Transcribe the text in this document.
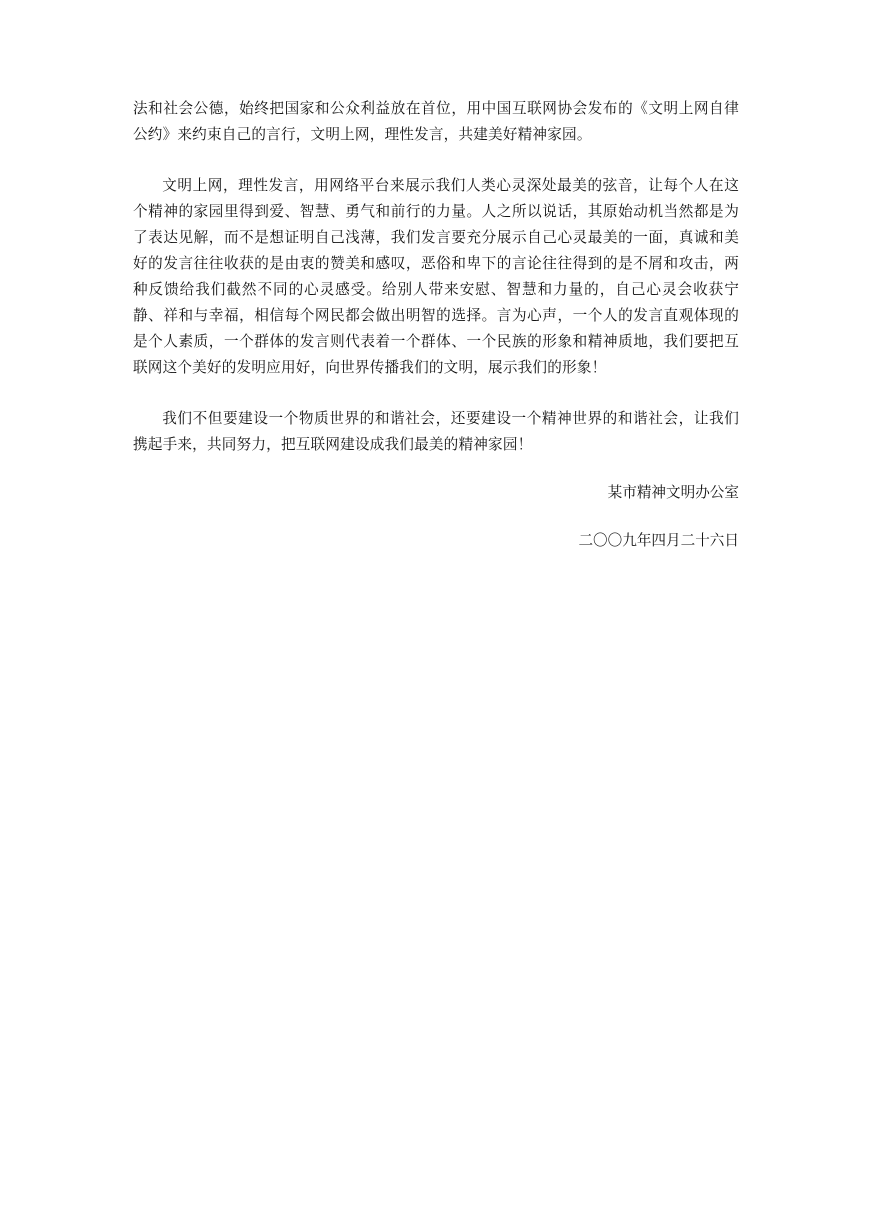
法和社会公德，始终把国家和公众利益放在首位，用中国互联网协会发布的《文明上网自律公约》来约束自己的言行，文明上网，理性发言，共建美好精神家园。

文明上网，理性发言，用网络平台来展示我们人类心灵深处最美的弦音，让每个人在这个精神的家园里得到爱、智慧、勇气和前行的力量。人之所以说话，其原始动机当然都是为了表达见解，而不是想证明自己浅薄，我们发言要充分展示自己心灵最美的一面，真诚和美好的发言往往收获的是由衷的赞美和感叹，恶俗和卑下的言论往往得到的是不屑和攻击，两种反馈给我们截然不同的心灵感受。给别人带来安慰、智慧和力量的，自己心灵会收获宁静、祥和与幸福，相信每个网民都会做出明智的选择。言为心声，一个人的发言直观体现的是个人素质，一个群体的发言则代表着一个群体、一个民族的形象和精神质地，我们要把互联网这个美好的发明应用好，向世界传播我们的文明，展示我们的形象！

我们不但要建设一个物质世界的和谐社会，还要建设一个精神世界的和谐社会，让我们携起手来，共同努力，把互联网建设成我们最美的精神家园！

某市精神文明办公室

二〇〇九年四月二十六日
